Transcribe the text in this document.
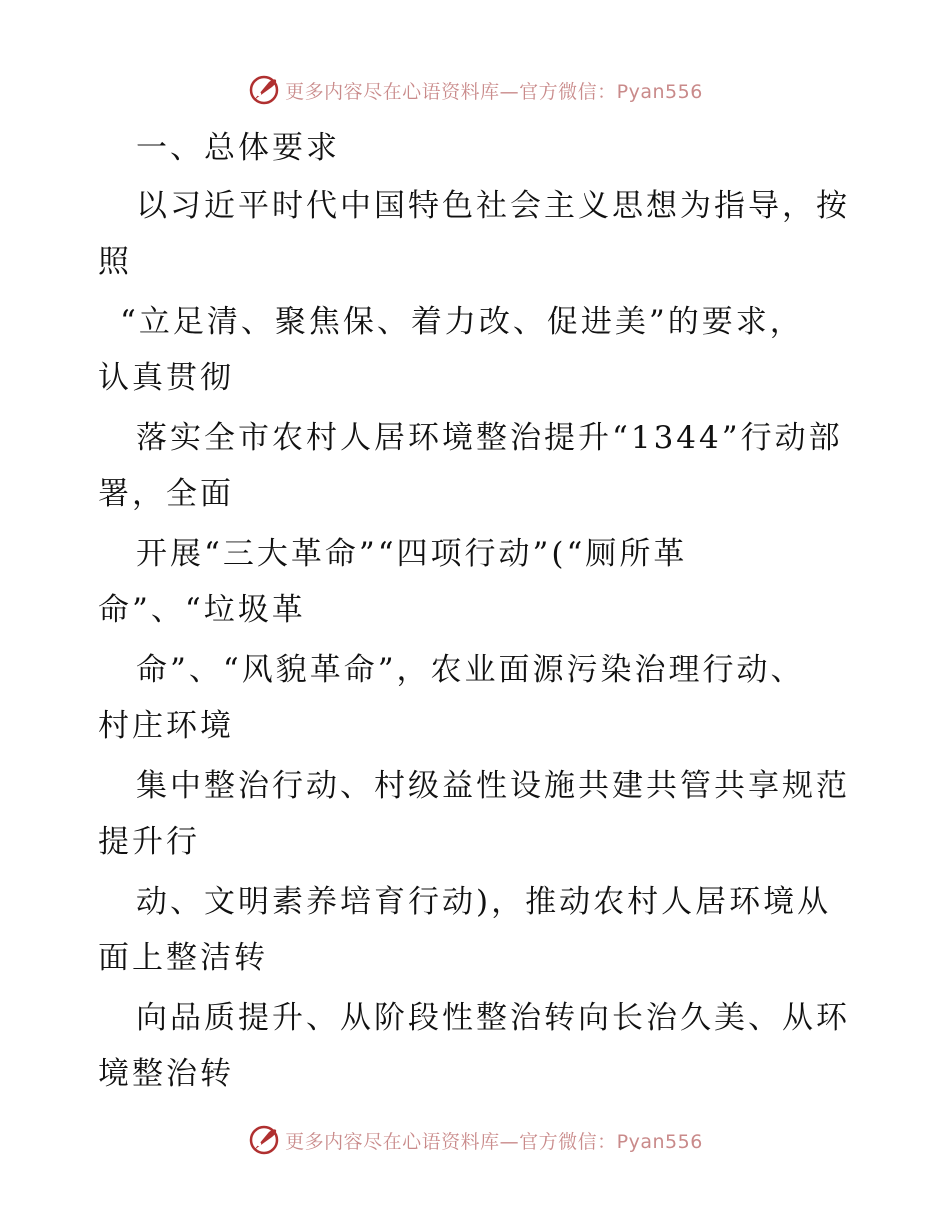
更多内容尽在心语资料库—官方微信：Pyan556
一、总体要求
以习近平时代中国特色社会主义思想为指导，按
照
“立足清、聚焦保、着力改、促进美”的要求，
认真贯彻
落实全市农村人居环境整治提升“1344”行动部
署，全面
开展“三大革命”“四项行动”(“厕所革
命”、“垃圾革
命”、“风貌革命”，农业面源污染治理行动、
村庄环境
集中整治行动、村级益性设施共建共管共享规范
提升行
动、文明素养培育行动)，推动农村人居环境从
面上整洁转
向品质提升、从阶段性整治转向长治久美、从环
境整治转
更多内容尽在心语资料库—官方微信：Pyan556
